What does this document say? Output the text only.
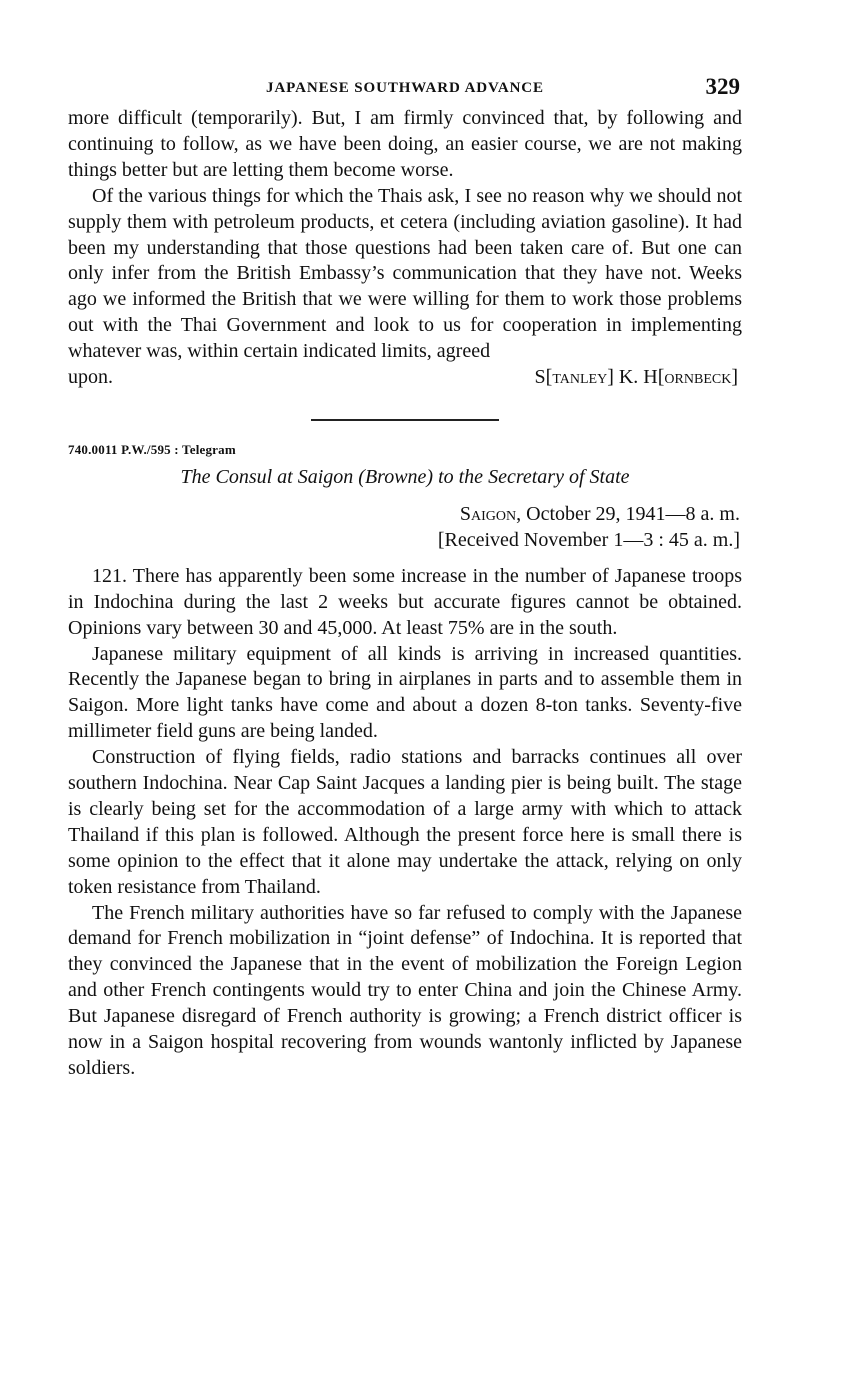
JAPANESE SOUTHWARD ADVANCE	329

more difficult (temporarily). But, I am firmly convinced that, by following and continuing to follow, as we have been doing, an easier course, we are not making things better but are letting them become worse.

Of the various things for which the Thais ask, I see no reason why we should not supply them with petroleum products, et cetera (including aviation gasoline). It had been my understanding that those questions had been taken care of. But one can only infer from the British Embassy’s communication that they have not. Weeks ago we informed the British that we were willing for them to work those problems out with the Thai Government and look to us for cooperation in implementing whatever was, within certain indicated limits, agreed

upon.	S[tanley] K. H[ornbeck]
740.0011 P.W./595 : Telegram
The Consul at Saigon (Browne) to the Secretary of State
Saigon, October 29, 1941—8 a. m.
[Received November 1—3 : 45 a. m.]

121. There has apparently been some increase in the number of Japanese troops in Indochina during the last 2 weeks but accurate figures cannot be obtained. Opinions vary between 30 and 45,000. At least 75% are in the south.

Japanese military equipment of all kinds is arriving in increased quantities. Recently the Japanese began to bring in airplanes in parts and to assemble them in Saigon. More light tanks have come and about a dozen 8-ton tanks. Seventy-five millimeter field guns are being landed.

Construction of flying fields, radio stations and barracks continues all over southern Indochina. Near Cap Saint Jacques a landing pier is being built. The stage is clearly being set for the accommodation of a large army with which to attack Thailand if this plan is followed. Although the present force here is small there is some opinion to the effect that it alone may undertake the attack, relying on only token resistance from Thailand.

The French military authorities have so far refused to comply with the Japanese demand for French mobilization in “joint defense” of Indochina. It is reported that they convinced the Japanese that in the event of mobilization the Foreign Legion and other French contingents would try to enter China and join the Chinese Army. But Japanese disregard of French authority is growing; a French district officer is now in a Saigon hospital recovering from wounds wantonly inflicted by Japanese soldiers.
